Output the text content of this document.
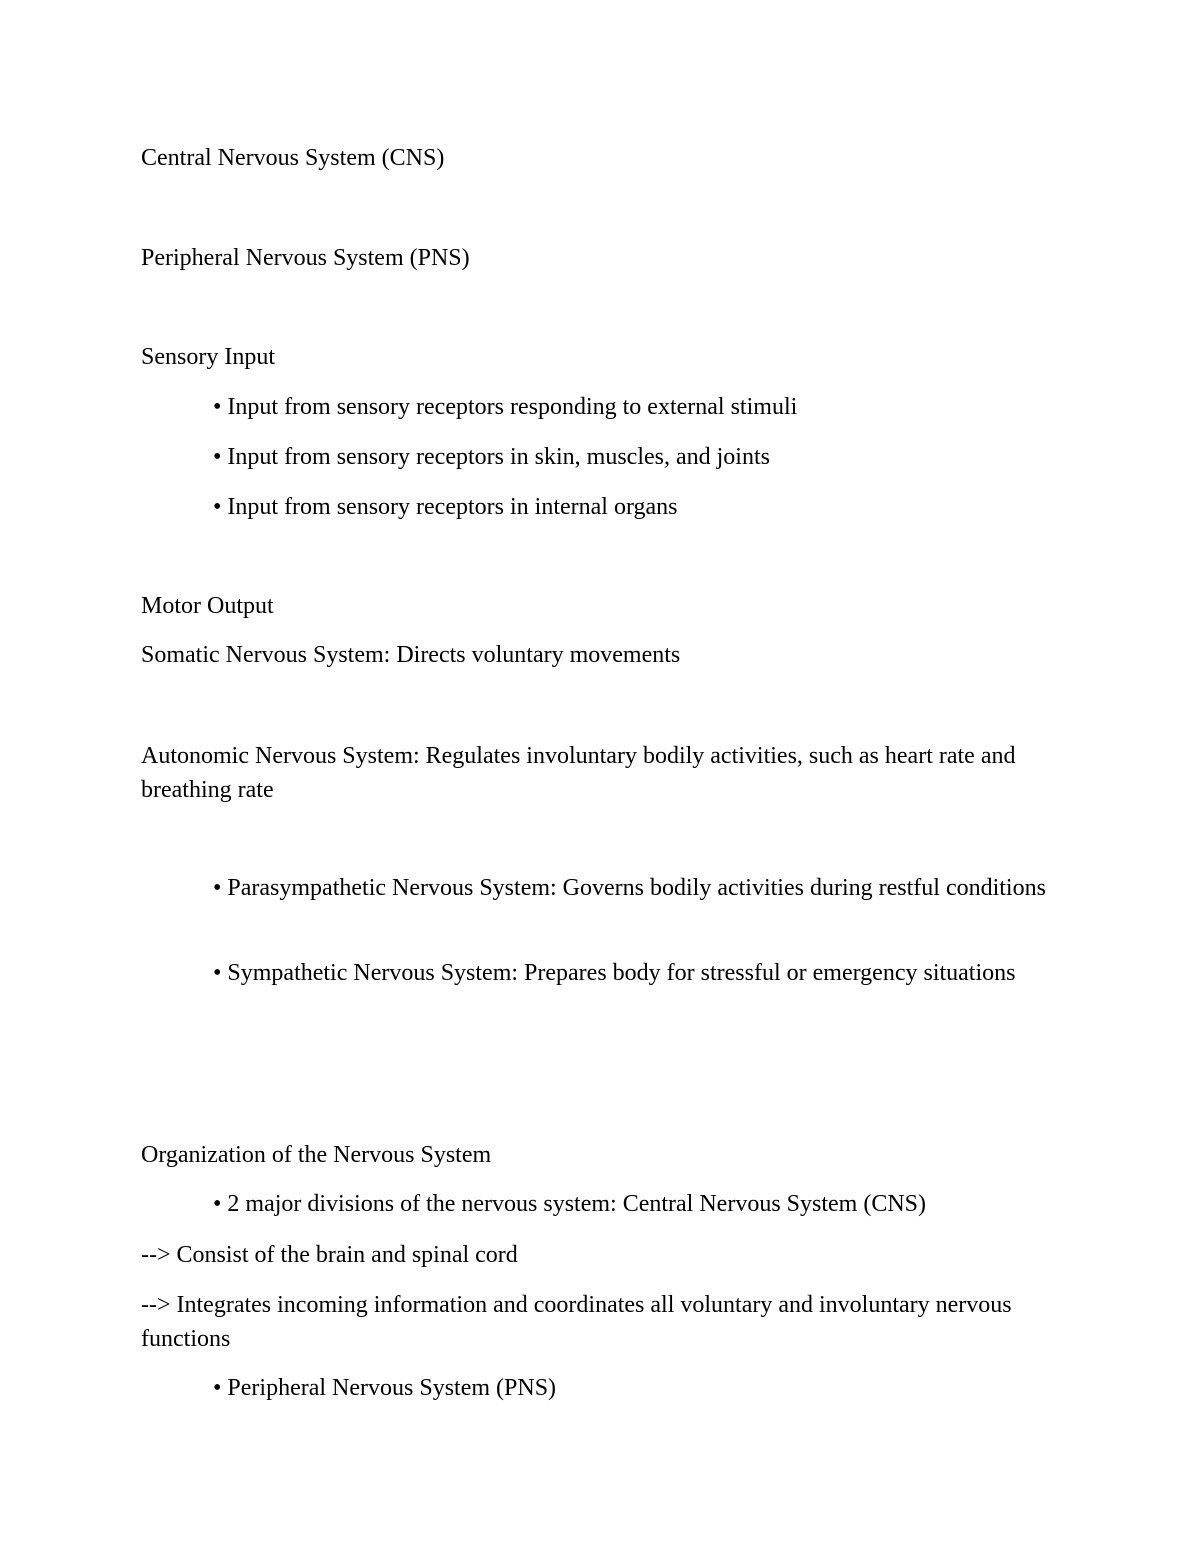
Central Nervous System (CNS)
Peripheral Nervous System (PNS)
Sensory Input
• Input from sensory receptors responding to external stimuli
• Input from sensory receptors in skin, muscles, and joints
• Input from sensory receptors in internal organs
Motor Output
Somatic Nervous System: Directs voluntary movements
Autonomic Nervous System: Regulates involuntary bodily activities, such as heart rate and breathing rate
• Parasympathetic Nervous System: Governs bodily activities during restful conditions
• Sympathetic Nervous System: Prepares body for stressful or emergency situations
Organization of the Nervous System
• 2 major divisions of the nervous system: Central Nervous System (CNS)
--> Consist of the brain and spinal cord
--> Integrates incoming information and coordinates all voluntary and involuntary nervous functions
• Peripheral Nervous System (PNS)
